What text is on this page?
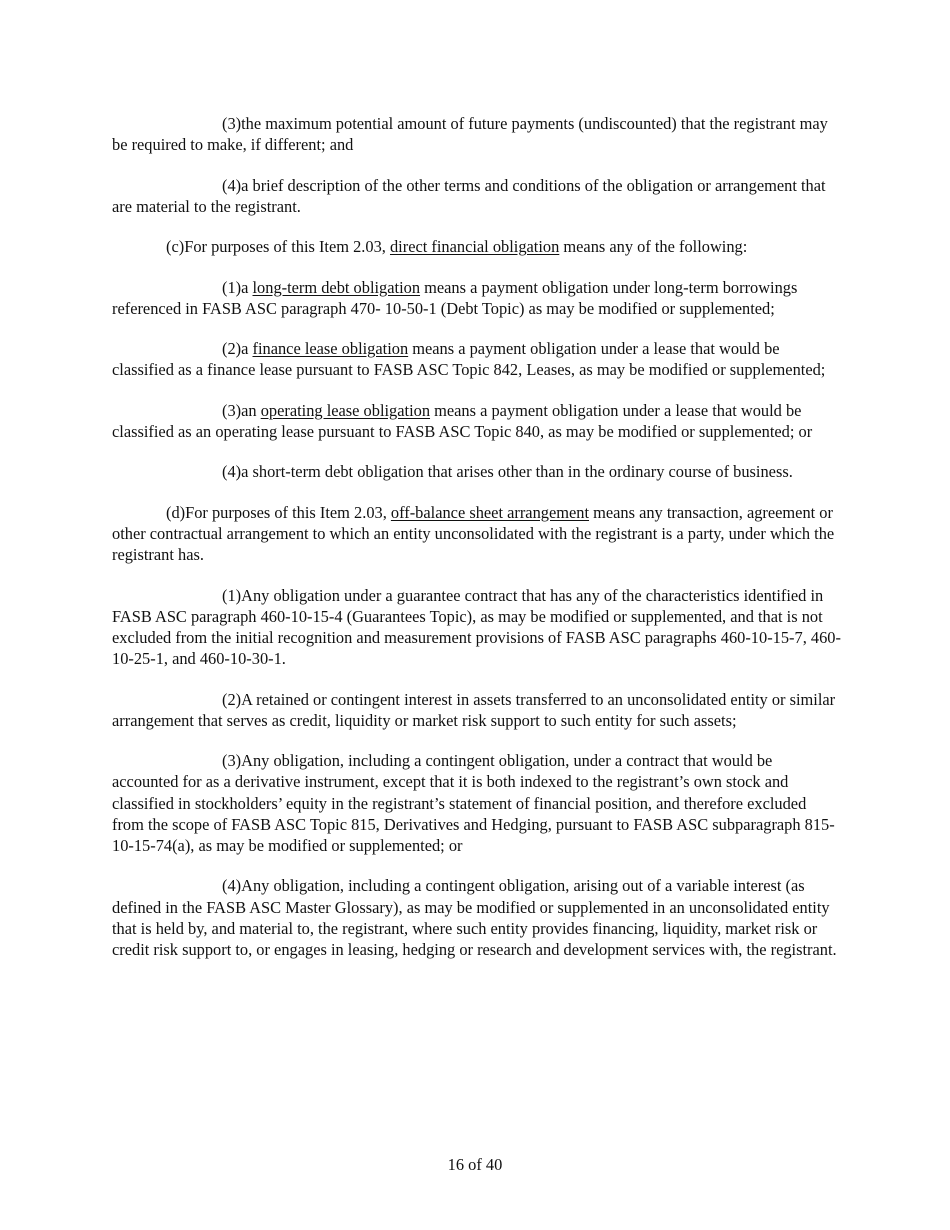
(3)the maximum potential amount of future payments (undiscounted) that the registrant may be required to make, if different; and

(4)a brief description of the other terms and conditions of the obligation or arrangement that are material to the registrant.

(c)For purposes of this Item 2.03, direct financial obligation means any of the following:

(1)a long-term debt obligation means a payment obligation under long-term borrowings referenced in FASB ASC paragraph 470- 10-50-1 (Debt Topic) as may be modified or supplemented;

(2)a finance lease obligation means a payment obligation under a lease that would be classified as a finance lease pursuant to FASB ASC Topic 842, Leases, as may be modified or supplemented;

(3)an operating lease obligation means a payment obligation under a lease that would be classified as an operating lease pursuant to FASB ASC Topic 840, as may be modified or supplemented; or

(4)a short-term debt obligation that arises other than in the ordinary course of business.

(d)For purposes of this Item 2.03, off-balance sheet arrangement means any transaction, agreement or other contractual arrangement to which an entity unconsolidated with the registrant is a party, under which the registrant has.

(1)Any obligation under a guarantee contract that has any of the characteristics identified in FASB ASC paragraph 460-10-15-4 (Guarantees Topic), as may be modified or supplemented, and that is not excluded from the initial recognition and measurement provisions of FASB ASC paragraphs 460-10-15-7, 460-10-25-1, and 460-10-30-1.

(2)A retained or contingent interest in assets transferred to an unconsolidated entity or similar arrangement that serves as credit, liquidity or market risk support to such entity for such assets;

(3)Any obligation, including a contingent obligation, under a contract that would be accounted for as a derivative instrument, except that it is both indexed to the registrant’s own stock and classified in stockholders’ equity in the registrant’s statement of financial position, and therefore excluded from the scope of FASB ASC Topic 815, Derivatives and Hedging, pursuant to FASB ASC subparagraph 815-10-15-74(a), as may be modified or supplemented; or

(4)Any obligation, including a contingent obligation, arising out of a variable interest (as defined in the FASB ASC Master Glossary), as may be modified or supplemented in an unconsolidated entity that is held by, and material to, the registrant, where such entity provides financing, liquidity, market risk or credit risk support to, or engages in leasing, hedging or research and development services with, the registrant.

16 of 40
